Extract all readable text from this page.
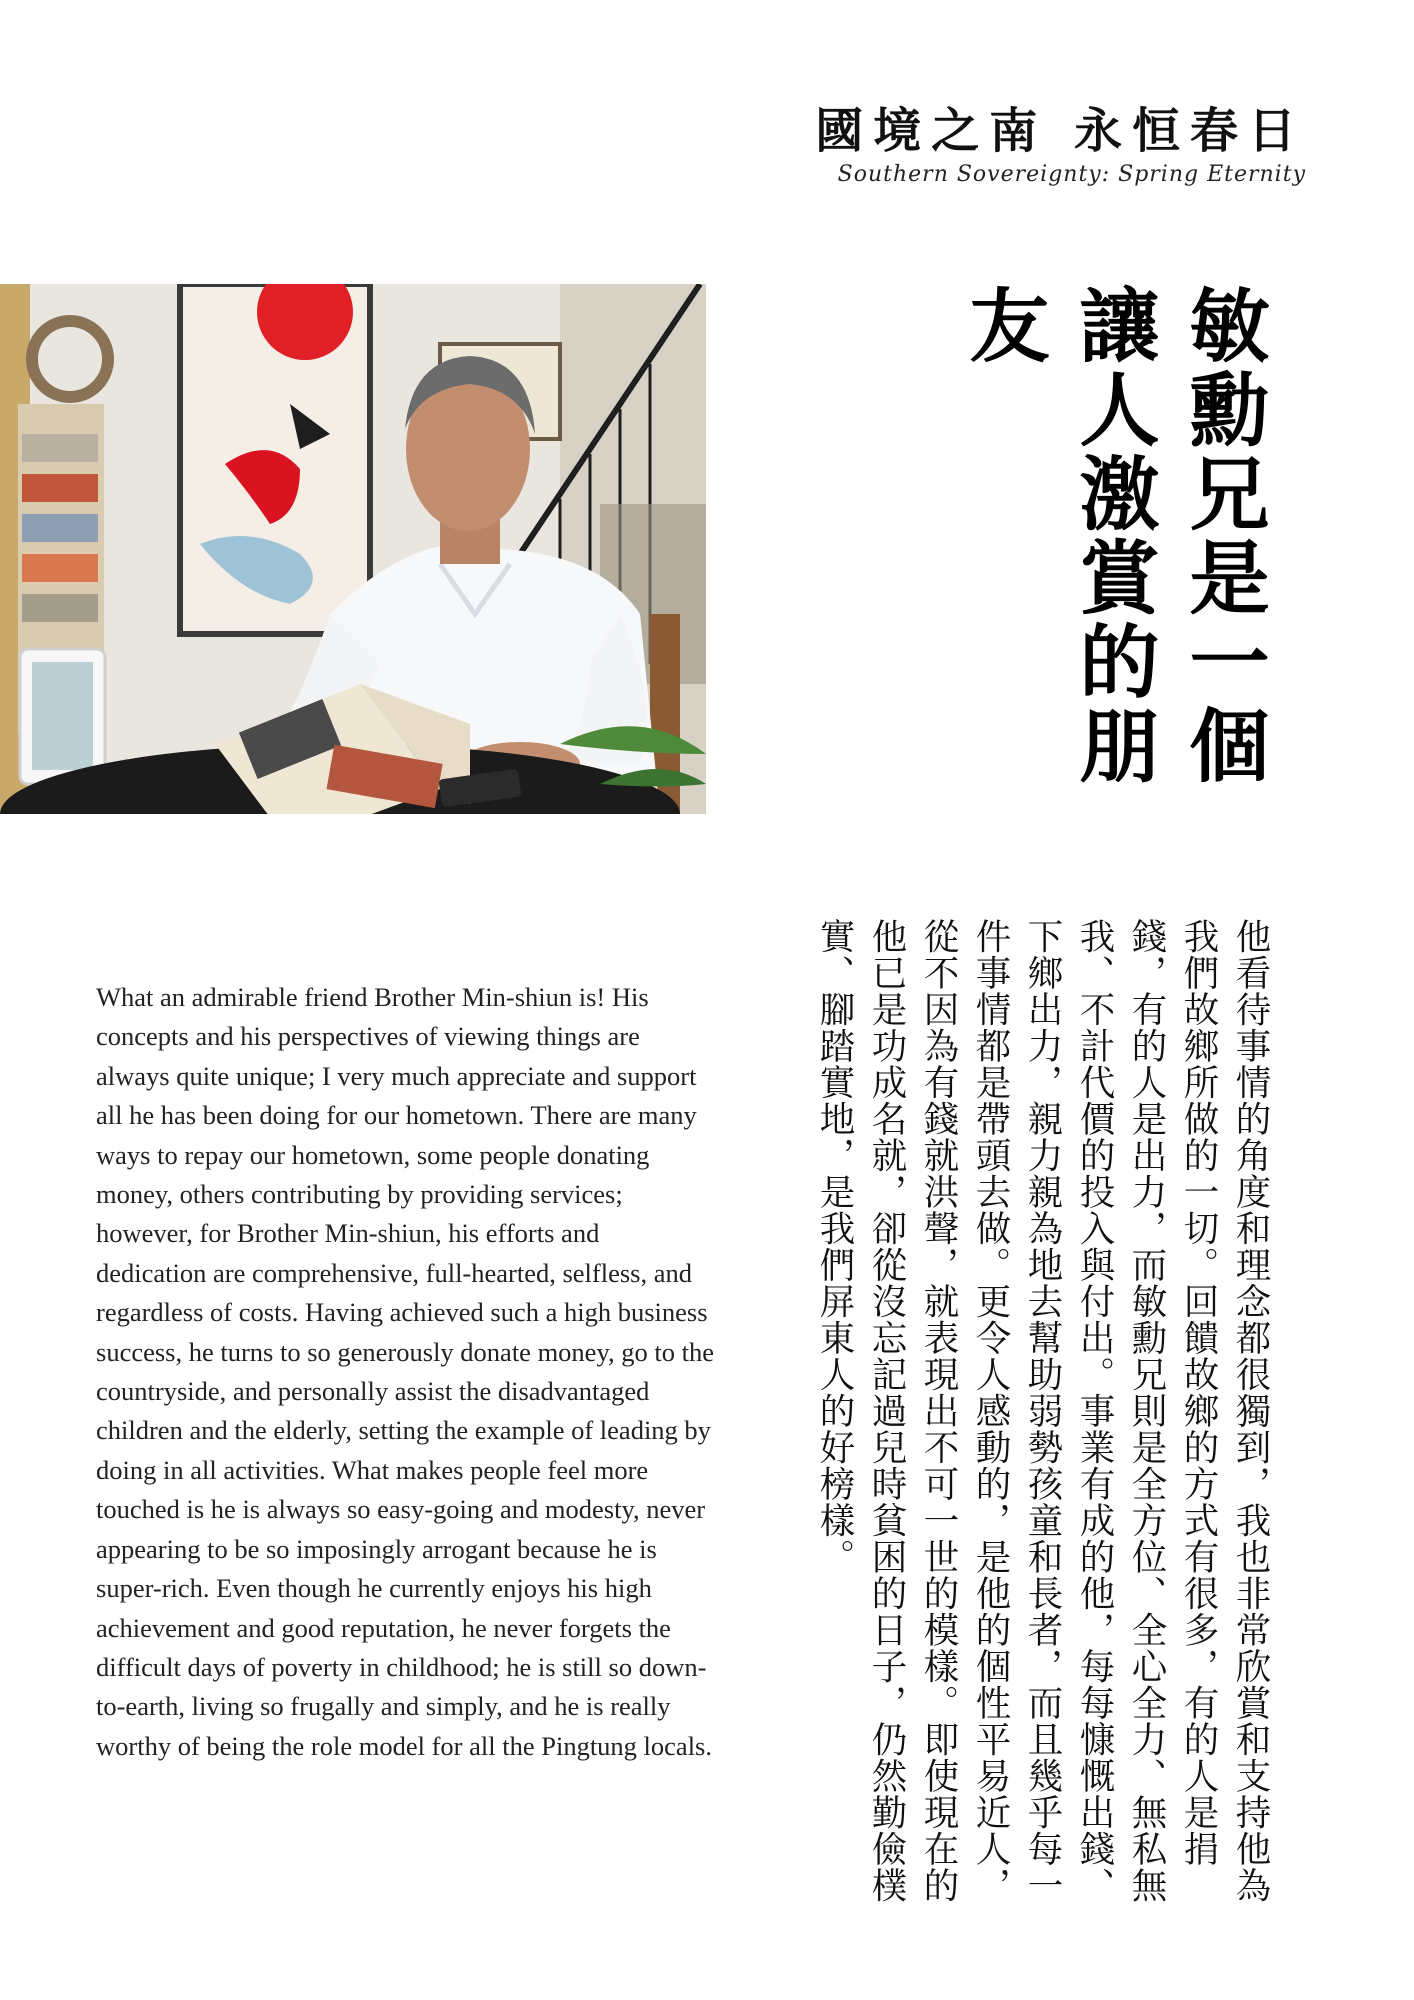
國境之南 永恒春日
Southern Sovereignty: Spring Eternity
敏勳兄是一個讓人激賞的朋友
他看待事情的角度和理念都很獨到，我也非常欣賞和支持他為我們故鄉所做的一切。回饋故鄉的方式有很多，有的人是捐錢，有的人是出力，而敏勳兄則是全方位、全心全力、無私無我、不計代價的投入與付出。事業有成的他，每每慷慨出錢、下鄉出力，親力親為地去幫助弱勢孩童和長者，而且幾乎每一件事情都是帶頭去做。更令人感動的，是他的個性平易近人，從不因為有錢就洪聲，就表現出不可一世的模樣。即使現在的他已是功成名就，卻從沒忘記過兒時貧困的日子，仍然勤儉樸實、腳踏實地，是我們屏東人的好榜樣。

What an admirable friend Brother Min-shiun is! His concepts and his perspectives of viewing things are always quite unique; I very much appreciate and support all he has been doing for our hometown. There are many ways to repay our hometown, some people donating money, others contributing by providing services; however, for Brother Min-shiun, his efforts and dedication are comprehensive, full-hearted, selfless, and regardless of costs. Having achieved such a high business success, he turns to so generously donate money, go to the countryside, and personally assist the disadvantaged children and the elderly, setting the example of leading by doing in all activities. What makes people feel more touched is he is always so easy-going and modesty, never appearing to be so imposingly arrogant because he is super-rich. Even though he currently enjoys his high achievement and good reputation, he never forgets the difficult days of poverty in childhood; he is still so down-to-earth, living so frugally and simply, and he is really worthy of being the role model for all the Pingtung locals.
